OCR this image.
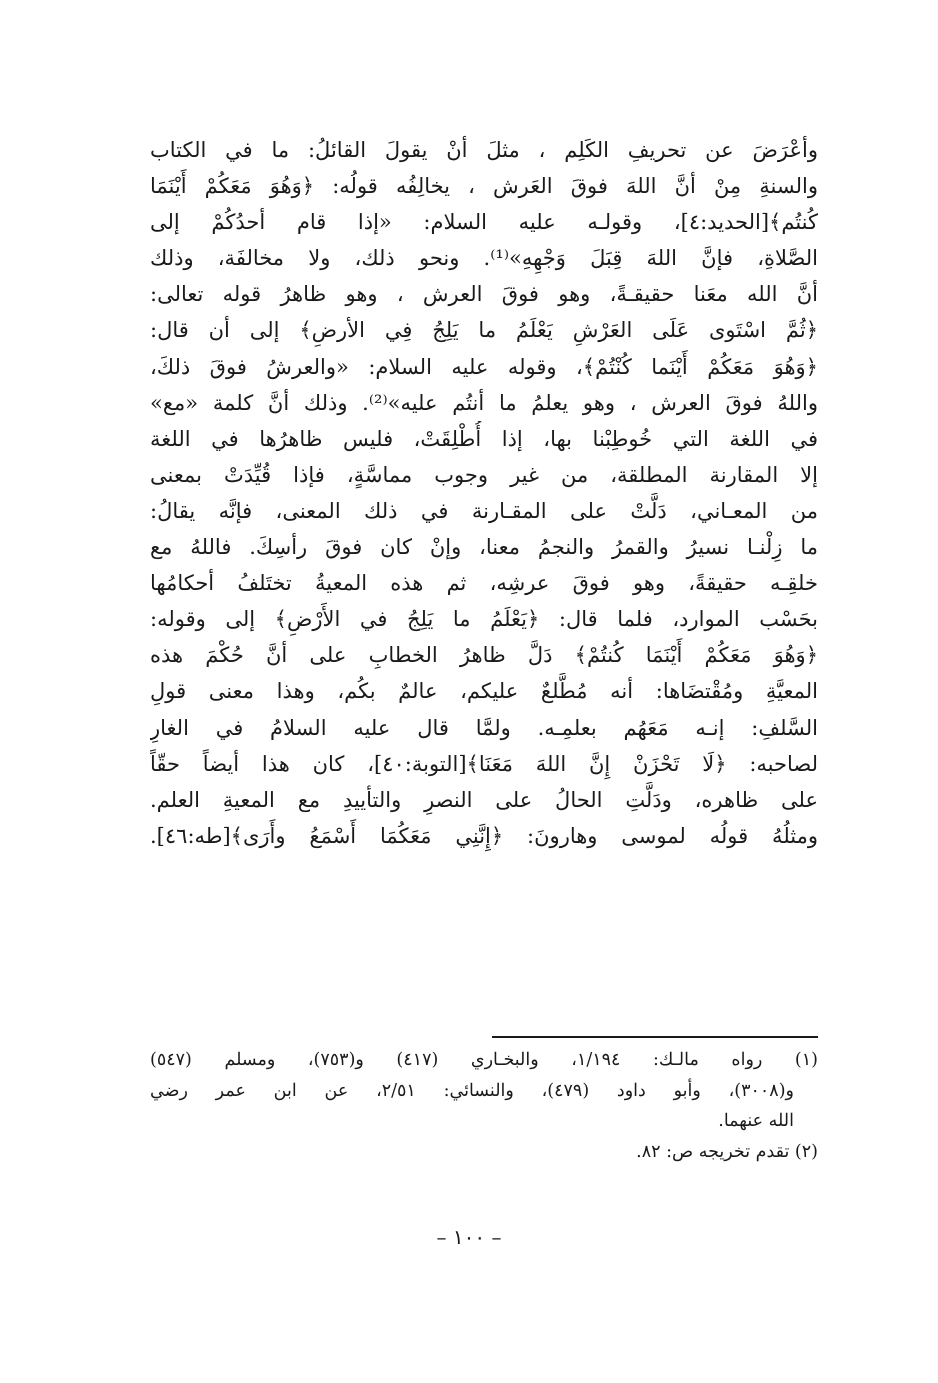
وأعْرَضَ عن تحريفِ الكَلِم ، مثلَ أنْ يقولَ القائلُ: ما في الكتاب
والسنةِ مِنْ أنَّ اللهَ فوقَ العَرش ، يخالِفُه قولُه: ﴿وَهُوَ مَعَكُمْ أَيْنَمَا
كُنتُم﴾[الحديد:٤]، وقولـه عليه السلام: «إذا قام أحدُكُمْ إلى
الصَّلاةِ، فإنَّ اللهَ قِبَلَ وَجْهِهِ»⁽¹⁾. ونحو ذلك، ولا مخالفَة، وذلك
أنَّ الله معَنا حقيقـةً، وهو فوقَ العرش ، وهو ظاهرُ قوله تعالى:
﴿ثُمَّ اسْتَوى عَلَى العَرْشِ يَعْلَمُ ما يَلِجُ فِي الأرضِ﴾ إلى أن قال:
﴿وَهُوَ مَعَكُمْ أَيْنَما كُنْتُمْ﴾، وقوله عليه السلام: «والعرشُ فوقَ ذلكَ،
واللهُ فوقَ العرش ، وهو يعلمُ ما أنتُم عليه»⁽²⁾. وذلك أنَّ كلمة «مع»
في اللغة التي خُوطِبْنا بها، إذا أُطْلِقَتْ، فليس ظاهرُها في اللغة
إلا المقارنة المطلقة، من غير وجوب مماسَّةٍ، فإذا قُيِّدَتْ بمعنى
من المعـاني، دَلَّتْ على المقـارنة في ذلك المعنى، فإنَّه يقالُ:
ما زِلْنـا نسيرُ والقمرُ والنجمُ معنا، وإنْ كان فوقَ رأسِكَ. فاللهُ مع
خلقِـه حقيقةً، وهو فوقَ عرشِه، ثم هذه المعيةُ تختَلفُ أحكامُها
بحَسْب الموارد، فلما قال: ﴿يَعْلَمُ ما يَلِجُ في الأَرْضِ﴾ إلى وقوله:
﴿وَهُوَ مَعَكُمْ أَيْنَمَا كُنتُمْ﴾ دَلَّ ظاهرُ الخطابِ على أنَّ حُكْمَ هذه
المعيَّةِ ومُقْتضَاها: أنه مُطَّلعٌ عليكم، عالمٌ بكُم، وهذا معنى قولِ
السَّلفِ: إنـه مَعَهُم بعلمِـه. ولمَّا قال عليه السلامُ في الغارِ
لصاحبه: ﴿لَا تَحْزَنْ إِنَّ اللهَ مَعَنَا﴾[التوبة:٤٠]، كان هذا أيضاً حقّاً
على ظاهره، ودَلَّتِ الحالُ على النصرِ والتأييدِ مع المعيةِ العلم.
ومثلُهُ قولُه لموسى وهارونَ: ﴿إِنَّنِي مَعَكُمَا أَسْمَعُ وأَرَى﴾[طه:٤٦].
(١) رواه مالـك: ١/١٩٤، والبخـاري (٤١٧) و(٧٥٣)، ومسلم (٥٤٧)
و(٣٠٠٨)، وأبو داود (٤٧٩)، والنسائي: ٢/٥١، عن ابن عمر رضي
الله عنهما.
(٢) تقدم تخريجه ص: ٨٢.
– ١٠٠ –
